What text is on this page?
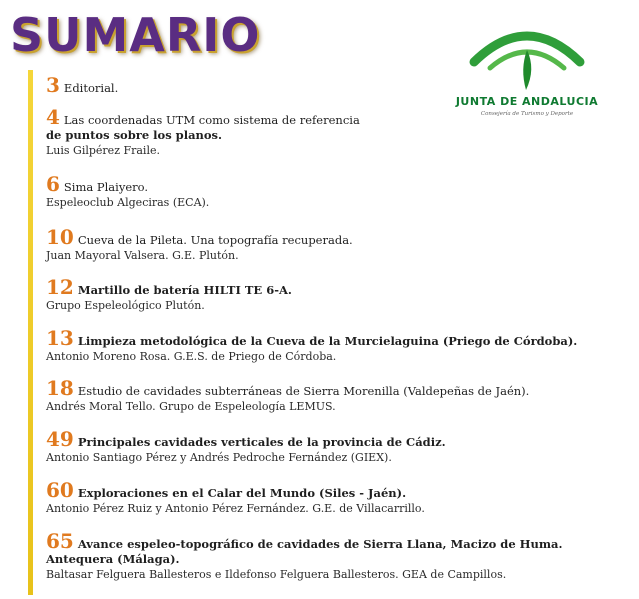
SUMARIO
JUNTA DE ANDALUCIA
Consejería de Turismo y Deporte
3 Editorial.
4 Las coordenadas UTM como sistema de referencia
de puntos sobre los planos.
Luis Gilpérez Fraile.
6 Sima Plaiyero.
Espeleoclub Algeciras (ECA).
10 Cueva de la Pileta. Una topografía recuperada.
Juan Mayoral Valsera. G.E. Plutón.
12 Martillo de batería HILTI TE 6-A.
Grupo Espeleológico Plutón.
13 Limpieza metodológica de la Cueva de la Murcielaguina (Priego de Córdoba).
Antonio Moreno Rosa. G.E.S. de Priego de Córdoba.
18 Estudio de cavidades subterráneas de Sierra Morenilla (Valdepeñas de Jaén).
Andrés Moral Tello. Grupo de Espeleología LEMUS.
49 Principales cavidades verticales de la provincia de Cádiz.
Antonio Santiago Pérez y Andrés Pedroche Fernández (GIEX).
60 Exploraciones en el Calar del Mundo (Siles - Jaén).
Antonio Pérez Ruiz y Antonio Pérez Fernández. G.E. de Villacarrillo.
65 Avance espeleo-topográfico de cavidades de Sierra Llana, Macizo de Huma.
Antequera (Málaga).
Baltasar Felguera Ballesteros e Ildefonso Felguera Ballesteros. GEA de Campillos.
